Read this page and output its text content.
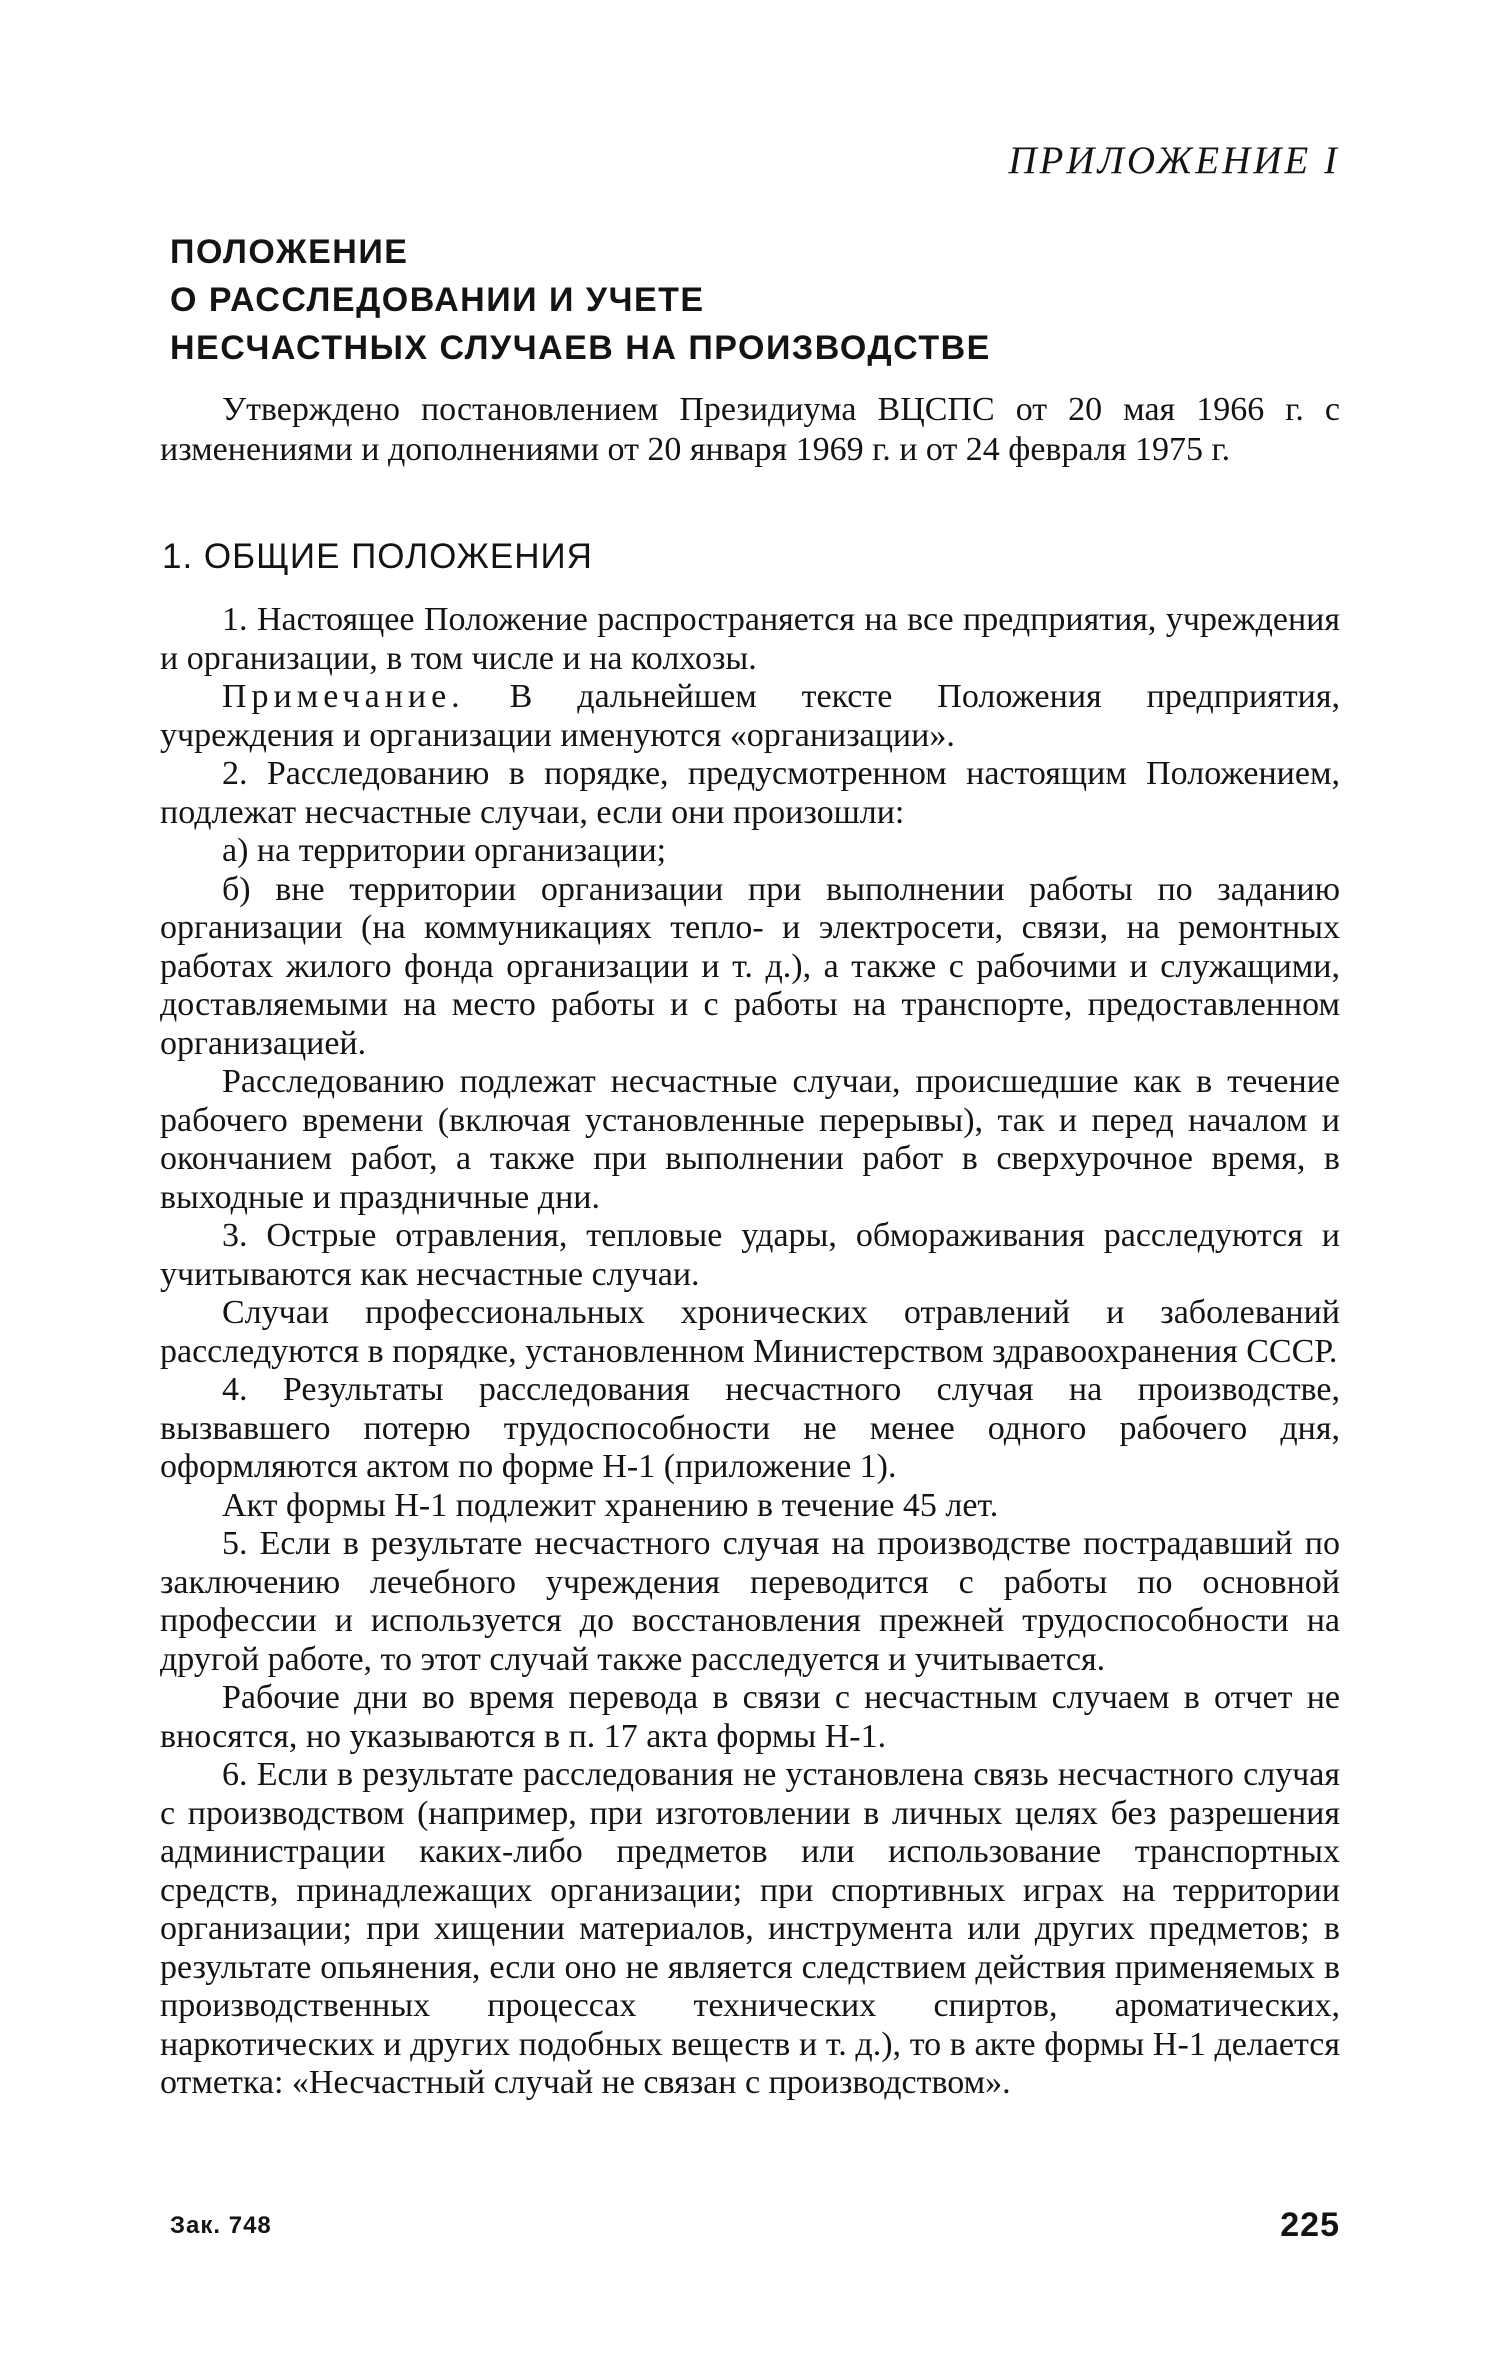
ПРИЛОЖЕНИЕ I
ПОЛОЖЕНИЕ
О РАССЛЕДОВАНИИ И УЧЕТЕ
НЕСЧАСТНЫХ СЛУЧАЕВ НА ПРОИЗВОДСТВЕ
Утверждено постановлением Президиума ВЦСПС от 20 мая 1966 г. с изменениями и дополнениями от 20 января 1969 г. и от 24 февраля 1975 г.
1. ОБЩИЕ ПОЛОЖЕНИЯ

1. Настоящее Положение распространяется на все предприятия, учреждения и организации, в том числе и на колхозы.

Примечание. В дальнейшем тексте Положения предприятия, учреждения и организации именуются «организации».

2. Расследованию в порядке, предусмотренном настоящим Положением, подлежат несчастные случаи, если они произошли:

а) на территории организации;

б) вне территории организации при выполнении работы по заданию организации (на коммуникациях тепло- и электросети, связи, на ремонтных работах жилого фонда организации и т. д.), а также с рабочими и служащими, доставляемыми на место работы и с работы на транспорте, предоставленном организацией.

Расследованию подлежат несчастные случаи, происшедшие как в течение рабочего времени (включая установленные перерывы), так и перед началом и окончанием работ, а также при выполнении работ в сверхурочное время, в выходные и праздничные дни.

3. Острые отравления, тепловые удары, обмораживания расследуются и учитываются как несчастные случаи.

Случаи профессиональных хронических отравлений и заболеваний расследуются в порядке, установленном Министерством здравоохранения СССР.

4. Результаты расследования несчастного случая на производстве, вызвавшего потерю трудоспособности не менее одного рабочего дня, оформляются актом по форме Н-1 (приложение 1).

Акт формы Н-1 подлежит хранению в течение 45 лет.

5. Если в результате несчастного случая на производстве пострадавший по заключению лечебного учреждения переводится с работы по основной профессии и используется до восстановления прежней трудоспособности на другой работе, то этот случай также расследуется и учитывается.

Рабочие дни во время перевода в связи с несчастным случаем в отчет не вносятся, но указываются в п. 17 акта формы Н-1.

6. Если в результате расследования не установлена связь несчастного случая с производством (например, при изготовлении в личных целях без разрешения администрации каких-либо предметов или использование транспортных средств, принадлежащих организации; при спортивных играх на территории организации; при хищении материалов, инструмента или других предметов; в результате опьянения, если оно не является следствием действия применяемых в производственных процессах технических спиртов, ароматических, наркотических и других подобных веществ и т. д.), то в акте формы Н-1 делается отметка: «Несчастный случай не связан с производством».

Зак. 748	225
